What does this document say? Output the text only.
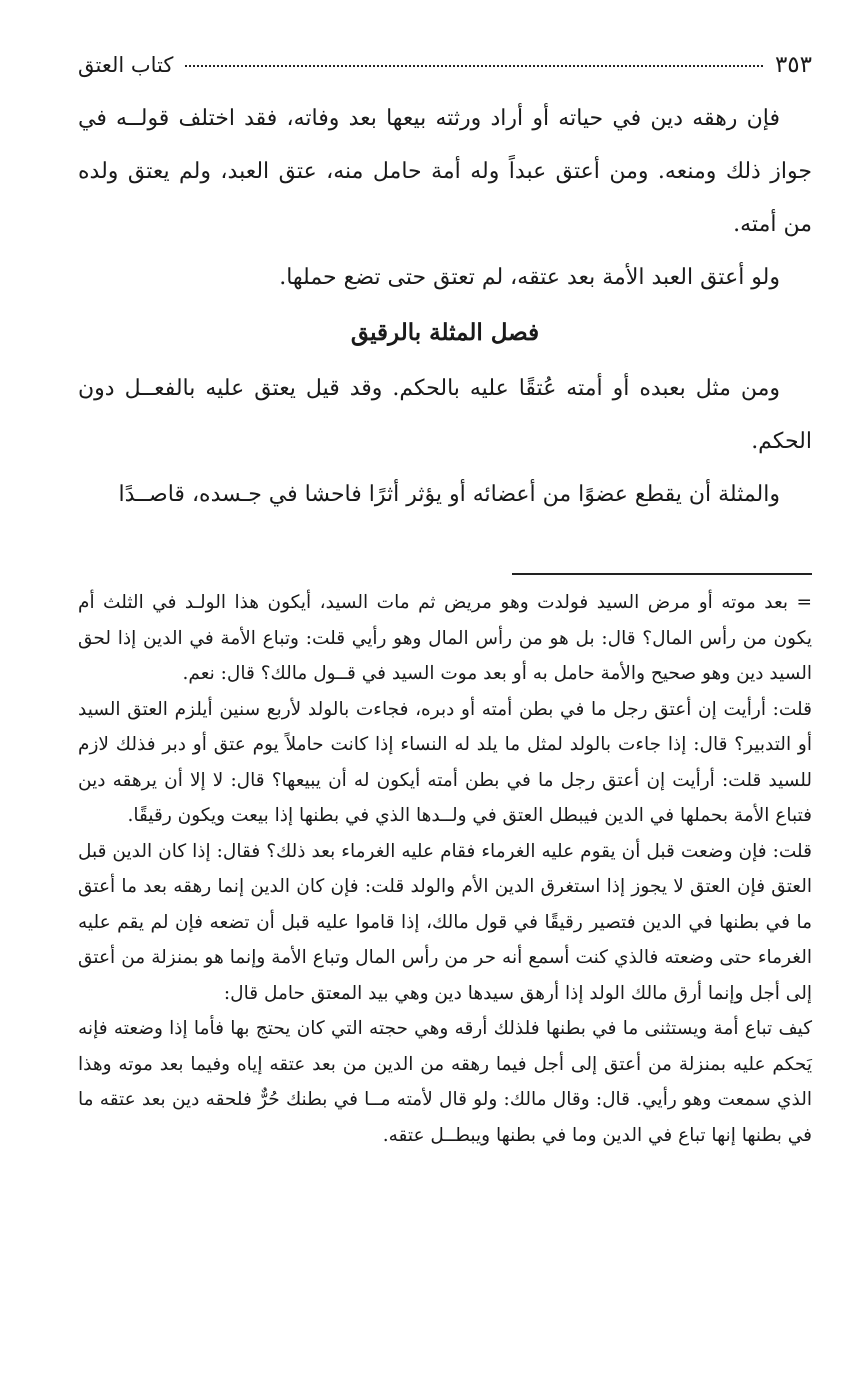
٣٥٣
كتاب العتق

فإن رهقه دين في حياته أو أراد ورثته بيعها بعد وفاته، فقد اختلف قولــه في جواز ذلك ومنعه. ومن أعتق عبداً وله أمة حامل منه، عتق العبد، ولم يعتق ولده من أمته.

ولو أعتق العبد الأمة بعد عتقه، لم تعتق حتى تضع حملها.

فصل المثلة بالرقيق

ومن مثل بعبده أو أمته عُتقًا عليه بالحكم. وقد قيل يعتق عليه بالفعــل دون الحكم.

والمثلة أن يقطع عضوًا من أعضائه أو يؤثر أثرًا فاحشا في جـسده، قاصــدًا

= بعد موته أو مرض السيد فولدت وهو مريض ثم مات السيد، أيكون هذا الولـد في الثلث أم يكون من رأس المال؟ قال: بل هو من رأس المال وهو رأيي قلت: وتباع الأمة في الدين إذا لحق السيد دين وهو صحيح والأمة حامل به أو بعد موت السيد في قــول مالك؟ قال: نعم.

قلت: أرأيت إن أعتق رجل ما في بطن أمته أو دبره، فجاءت بالولد لأربع سنين أيلزم العتق السيد أو التدبير؟ قال: إذا جاءت بالولد لمثل ما يلد له النساء إذا كانت حاملاً يوم عتق أو دبر فذلك لازم للسيد قلت: أرأيت إن أعتق رجل ما في بطن أمته أيكون له أن يبيعها؟ قال: لا إلا أن يرهقه دين فتباع الأمة بحملها في الدين فيبطل العتق في ولــدها الذي في بطنها إذا بيعت ويكون رقيقًا.

قلت: فإن وضعت قبل أن يقوم عليه الغرماء فقام عليه الغرماء بعد ذلك؟ فقال: إذا كان الدين قبل العتق فإن العتق لا يجوز إذا استغرق الدين الأم والولد قلت: فإن كان الدين إنما رهقه بعد ما أعتق ما في بطنها في الدين فتصير رقيقًا في قول مالك، إذا قاموا عليه قبل أن تضعه فإن لم يقم عليه الغرماء حتى وضعته فالذي كنت أسمع أنه حر من رأس المال وتباع الأمة وإنما هو بمنزلة من أعتق إلى أجل وإنما أرق مالك الولد إذا أرهق سيدها دين وهي بيد المعتق حامل قال:

كيف تباع أمة ويستثنى ما في بطنها فلذلك أرقه وهي حجته التي كان يحتج بها فأما إذا وضعته فإنه يَحكم عليه بمنزلة من أعتق إلى أجل فيما رهقه من الدين من بعد عتقه إياه وفيما بعد موته وهذا الذي سمعت وهو رأيي. قال: وقال مالك: ولو قال لأمته مــا في بطنك حُرٌّ فلحقه دين بعد عتقه ما في بطنها إنها تباع في الدين وما في بطنها ويبطــل عتقه.
